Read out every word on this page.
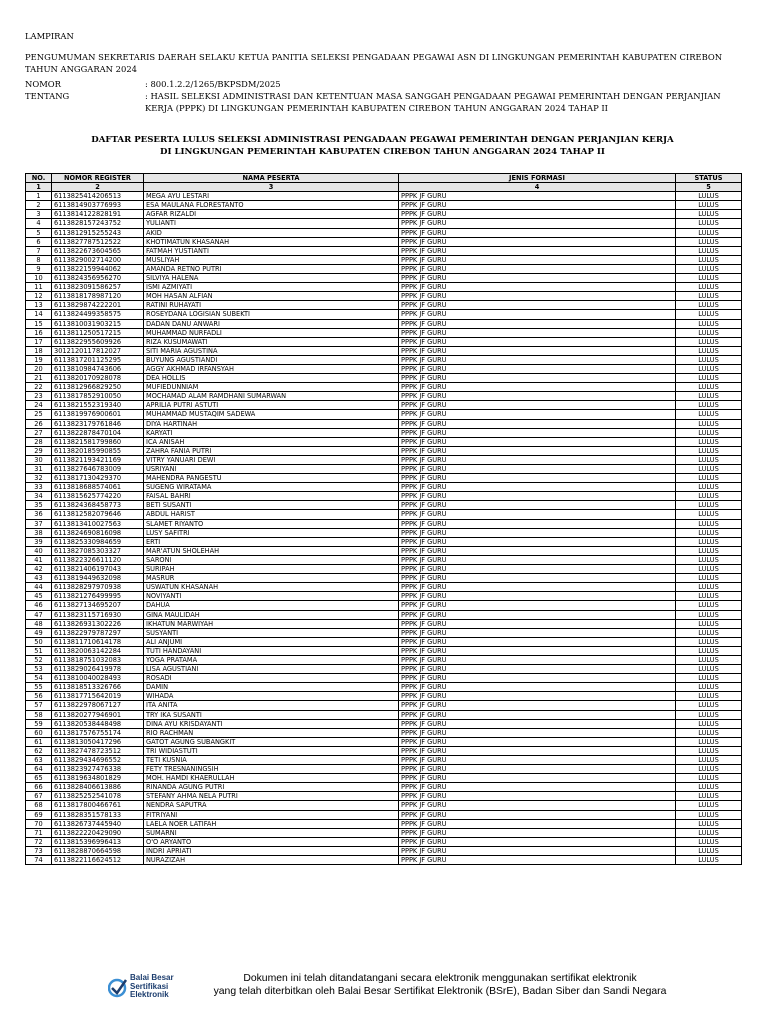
LAMPIRAN
PENGUMUMAN SEKRETARIS DAERAH SELAKU KETUA PANITIA SELEKSI PENGADAAN PEGAWAI ASN DI LINGKUNGAN PEMERINTAH KABUPATEN CIREBON TAHUN ANGGARAN 2024
NOMOR	: 800.1.2.2/1265/BKPSDM/2025
TENTANG	: HASIL SELEKSI ADMINISTRASI DAN KETENTUAN MASA SANGGAH PENGADAAN PEGAWAI PEMERINTAH DENGAN PERJANJIAN KERJA (PPPK) DI LINGKUNGAN PEMERINTAH KABUPATEN CIREBON TAHUN ANGGARAN 2024 TAHAP II
DAFTAR PESERTA LULUS SELEKSI ADMINISTRASI PENGADAAN PEGAWAI PEMERINTAH DENGAN PERJANJIAN KERJA
DI LINGKUNGAN PEMERINTAH KABUPATEN CIREBON TAHUN ANGGARAN 2024 TAHAP II
NO.	NOMOR REGISTER	NAMA PESERTA	JENIS FORMASI	STATUS
1	2	3	4	5
1	6113825414206513	MEGA AYU LESTARI	PPPK JF GURU	LULUS
2	6113814903776993	ESA MAULANA FLORESTANTO	PPPK JF GURU	LULUS
3	6113814122828191	AGFAR RIZALDI	PPPK JF GURU	LULUS
4	6113828157243752	YULIANTI	PPPK JF GURU	LULUS
5	6113812915255243	AKID	PPPK JF GURU	LULUS
6	6113827787512522	KHOTIMATUN KHASANAH	PPPK JF GURU	LULUS
7	6113822673604565	FATMAH YUSTIANTI	PPPK JF GURU	LULUS
8	6113829002714200	MUSLIYAH	PPPK JF GURU	LULUS
9	6113822159944062	AMANDA RETNO PUTRI	PPPK JF GURU	LULUS
10	6113824356956270	SILVIYA HALENA	PPPK JF GURU	LULUS
11	6113823091586257	ISMI AZMIYATI	PPPK JF GURU	LULUS
12	6113818178987120	MOH HASAN ALFIAN	PPPK JF GURU	LULUS
13	6113829874222201	RATINI RUHAYATI	PPPK JF GURU	LULUS
14	6113824499358575	ROSEYDANA LOGISIAN SUBEKTI	PPPK JF GURU	LULUS
15	6113810031903215	DADAN DANU ANWARI	PPPK JF GURU	LULUS
16	6113811250517215	MUHAMMAD NURFADLI	PPPK JF GURU	LULUS
17	6113822955609926	RIZA KUSUMAWATI	PPPK JF GURU	LULUS
18	3012120117812027	SITI MARIA AGUSTINA	PPPK JF GURU	LULUS
19	6113817201125295	BUYUNG AGUSTIANDI	PPPK JF GURU	LULUS
20	6113810984743606	AGGY AKHMAD IRFANSYAH	PPPK JF GURU	LULUS
21	6113820170928078	DEA HOLLIS	PPPK JF GURU	LULUS
22	6113812966829250	MUFIEDUNNIAM	PPPK JF GURU	LULUS
23	6113817852910050	MOCHAMAD ALAM RAMDHANI SUMARWAN	PPPK JF GURU	LULUS
24	6113821552319340	APRILIA PUTRI ASTUTI	PPPK JF GURU	LULUS
25	6113819976900601	MUHAMMAD MUSTAQIM SADEWA	PPPK JF GURU	LULUS
26	6113823179761846	DIYA HARTINAH	PPPK JF GURU	LULUS
27	6113822878470104	KARYATI	PPPK JF GURU	LULUS
28	6113821581799860	ICA ANISAH	PPPK JF GURU	LULUS
29	6113820185990855	ZAHRA FANIA PUTRI	PPPK JF GURU	LULUS
30	6113821193421169	VITRY YANUARI DEWI	PPPK JF GURU	LULUS
31	6113827646783009	USRIYANI	PPPK JF GURU	LULUS
32	6113817130429370	MAHENDRA PANGESTU	PPPK JF GURU	LULUS
33	6113818688574061	SUGENG WIRATAMA	PPPK JF GURU	LULUS
34	6113815625774220	FAISAL BAHRI	PPPK JF GURU	LULUS
35	6113824368458773	BETI SUSANTI	PPPK JF GURU	LULUS
36	6113812582079646	ABDUL HARIST	PPPK JF GURU	LULUS
37	6113813410027563	SLAMET RIYANTO	PPPK JF GURU	LULUS
38	6113824690816098	LUSY SAFITRI	PPPK JF GURU	LULUS
39	6113825330984659	ERTI	PPPK JF GURU	LULUS
40	6113827085303327	MAR'ATUN SHOLEHAH	PPPK JF GURU	LULUS
41	6113822326611120	SARONI	PPPK JF GURU	LULUS
42	6113821406197043	SURIPAH	PPPK JF GURU	LULUS
43	6113819449632098	MASRUR	PPPK JF GURU	LULUS
44	6113828297970938	USWATUN KHASANAH	PPPK JF GURU	LULUS
45	6113821276499995	NOVIYANTI	PPPK JF GURU	LULUS
46	6113827134695207	DAHUA	PPPK JF GURU	LULUS
47	6113823115716930	GINA MAULIDAH	PPPK JF GURU	LULUS
48	6113826931302226	IKHATUN MARWIYAH	PPPK JF GURU	LULUS
49	6113822979787297	SUSYANTI	PPPK JF GURU	LULUS
50	6113811710614178	ALI ANJUMI	PPPK JF GURU	LULUS
51	6113820063142284	TUTI HANDAYANI	PPPK JF GURU	LULUS
52	6113818751032083	YOGA PRATAMA	PPPK JF GURU	LULUS
53	6113829026419978	LISA AGUSTIANI	PPPK JF GURU	LULUS
54	6113810040028493	ROSADI	PPPK JF GURU	LULUS
55	6113818513326766	DAMIN	PPPK JF GURU	LULUS
56	6113817715642019	WIHADA	PPPK JF GURU	LULUS
57	6113822978067127	ITA ANITA	PPPK JF GURU	LULUS
58	6113820277946901	TRY IKA SUSANTI	PPPK JF GURU	LULUS
59	6113820538448498	DINA AYU KRISDAYANTI	PPPK JF GURU	LULUS
60	6113817576755174	RIO RACHMAN	PPPK JF GURU	LULUS
61	6113813050417296	GATOT AGUNG SUBANGKIT	PPPK JF GURU	LULUS
62	6113827478723512	TRI WIDIASTUTI	PPPK JF GURU	LULUS
63	6113829434696552	TETI KUSNIA	PPPK JF GURU	LULUS
64	6113823927476338	FETY TRESNANINGSIH	PPPK JF GURU	LULUS
65	6113819634801829	MOH. HAMDI KHAERULLAH	PPPK JF GURU	LULUS
66	6113828406613886	RINANDA AGUNG PUTRI	PPPK JF GURU	LULUS
67	6113825252541078	STEFANY AHMA NELA PUTRI	PPPK JF GURU	LULUS
68	6113817800466761	NENDRA SAPUTRA	PPPK JF GURU	LULUS
69	6113828351578133	FITRIYANI	PPPK JF GURU	LULUS
70	6113826737445940	LAELA NOER LATIFAH	PPPK JF GURU	LULUS
71	6113822220429090	SUMARNI	PPPK JF GURU	LULUS
72	6113815396996413	O'O ARYANTO	PPPK JF GURU	LULUS
73	6113828870664598	INDRI APRIATI	PPPK JF GURU	LULUS
74	6113822116624512	NURAZIZAH	PPPK JF GURU	LULUS
Balai Besar
Sertifikasi
Elektronik
Dokumen ini telah ditandatangani secara elektronik menggunakan sertifikat elektronik
yang telah diterbitkan oleh Balai Besar Sertifikat Elektronik (BSrE), Badan Siber dan Sandi Negara
